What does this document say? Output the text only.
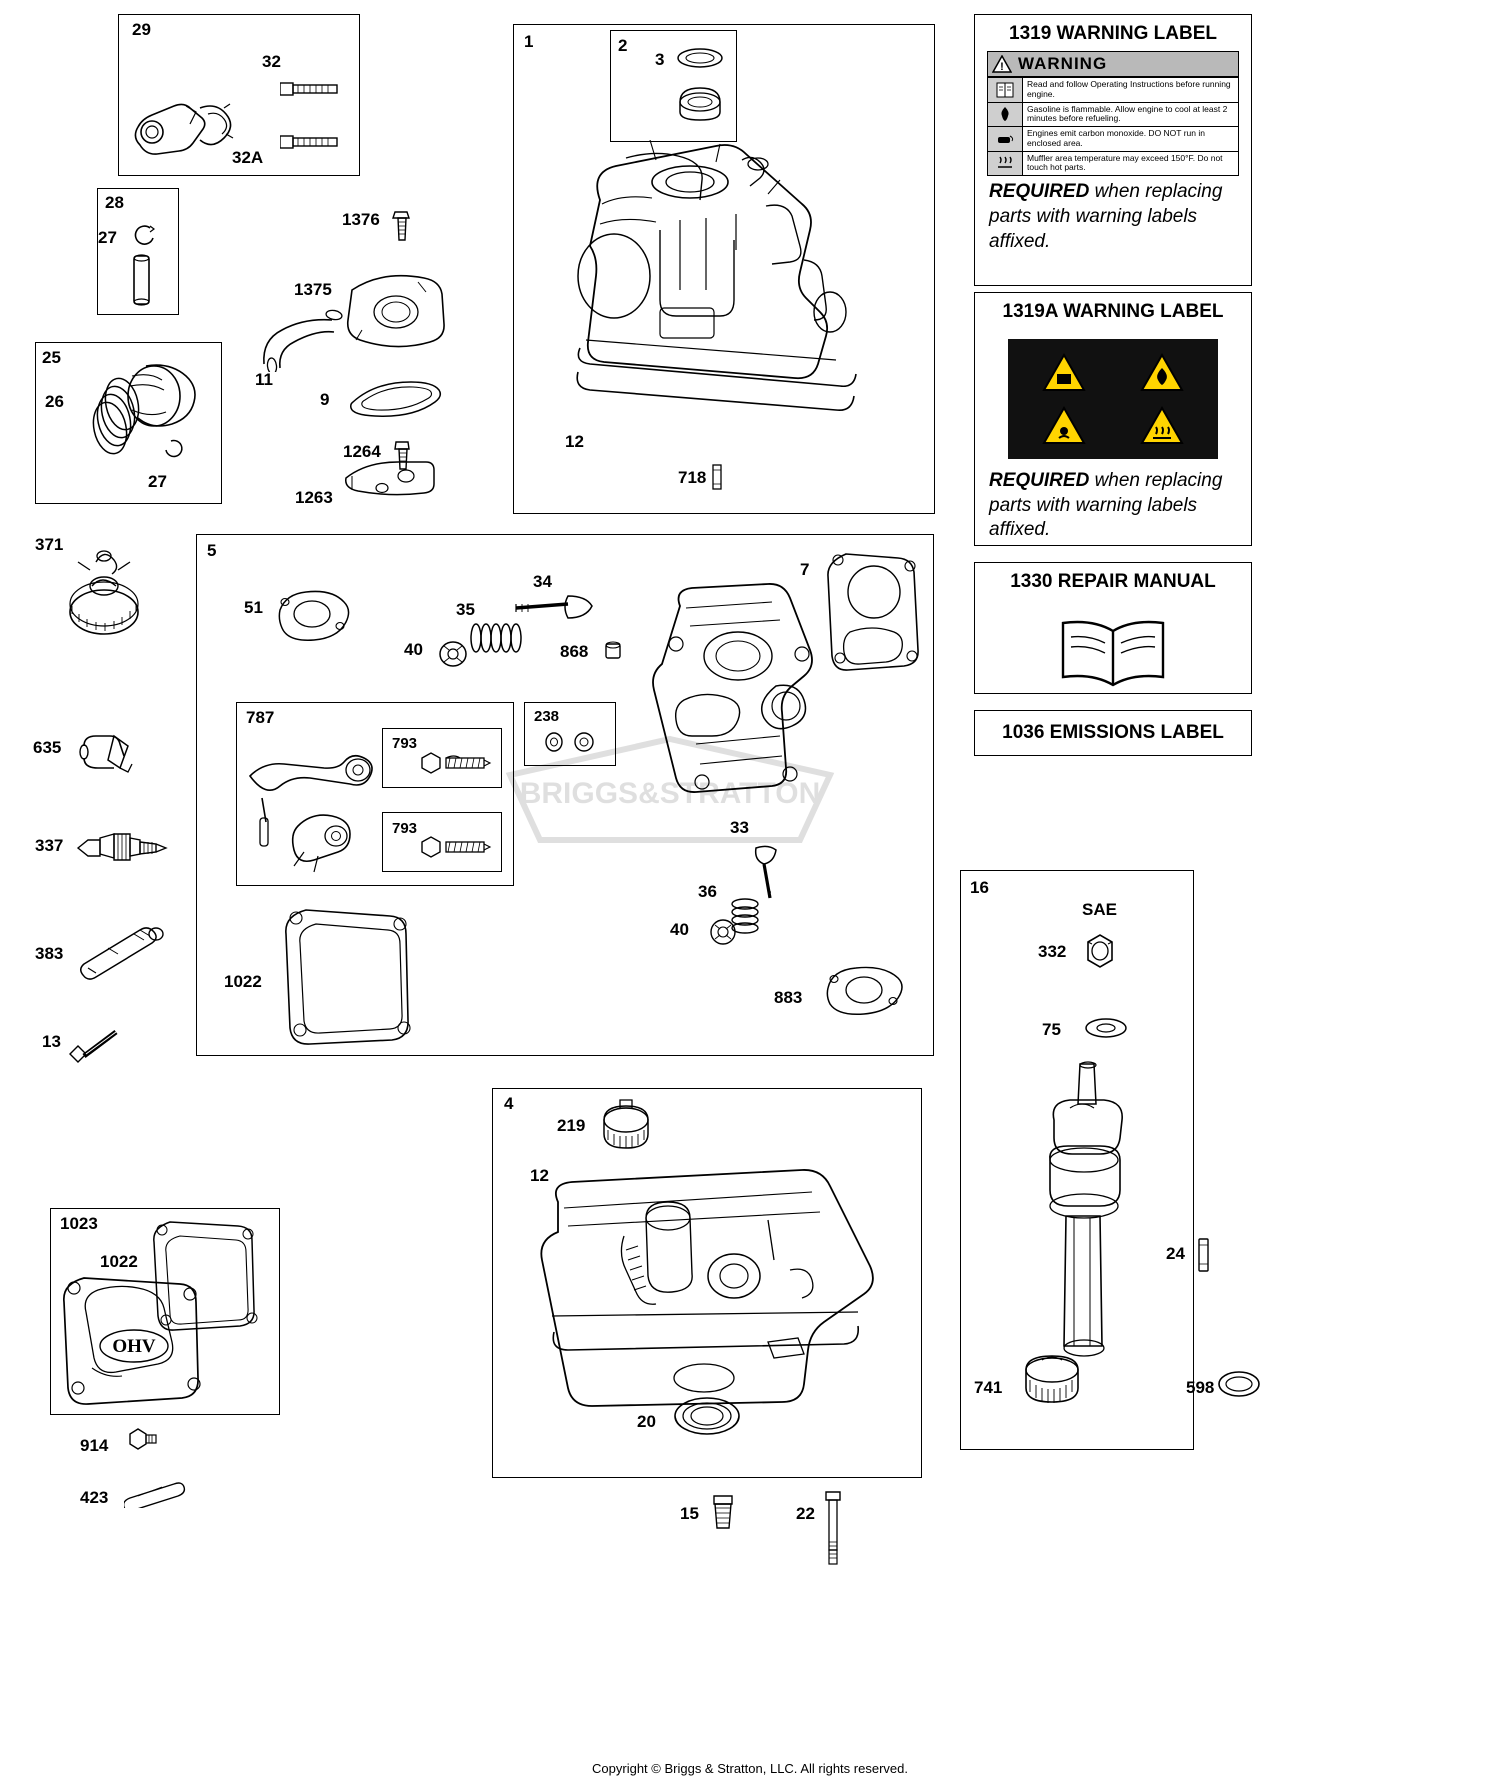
BRIGGS&STRATTON
29
32
32A
28
27
25
26
27
371
635
337
383
13
1376
1375
11
9
1264
1263
1	2
3
12
718
5
51
34
35
40	868
7
787
793
793
238
33
36
40
883
1022
1023
1022
OHV
914
423
4
219
12
20
15	22
16
SAE
332
75
24
741	598
1319 WARNING LABEL
! WARNING
Read and follow Operating Instructions before running engine.
Gasoline is flammable. Allow engine to cool at least 2 minutes before refueling.
Engines emit carbon monoxide. DO NOT run in enclosed area.
Muffler area temperature may exceed 150°F. Do not touch hot parts.
REQUIRED when replacing parts with warning labels affixed.
1319A WARNING LABEL
REQUIRED when replacing parts with warning labels affixed.
1330 REPAIR MANUAL
1036 EMISSIONS LABEL
Copyright © Briggs & Stratton, LLC. All rights reserved.
